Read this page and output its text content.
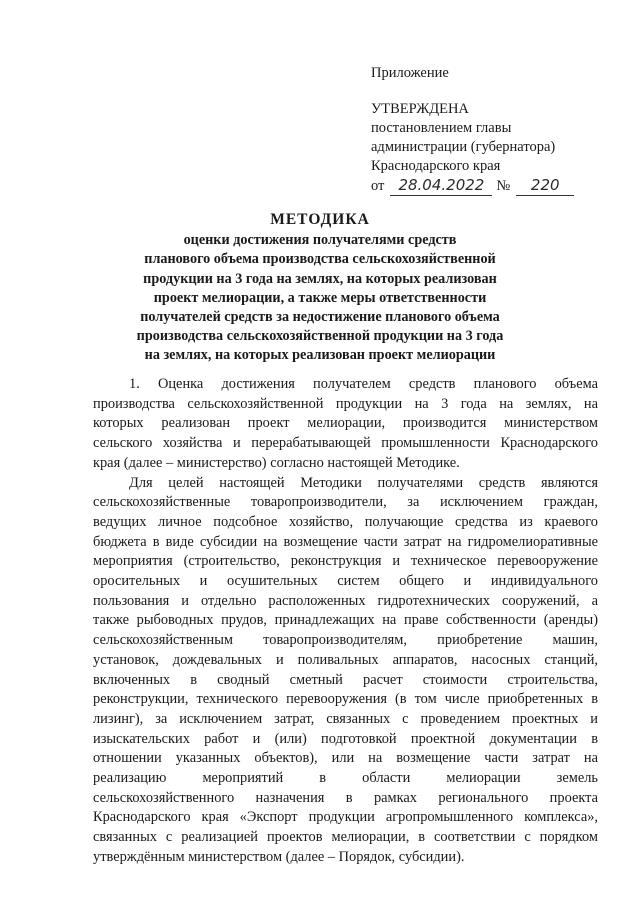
Приложение
УТВЕРЖДЕНА
постановлением главы
администрации (губернатора)
Краснодарского края
от 28.04.2022 №	220
МЕТОДИКА
оценки достижения получателями средств
планового объема производства сельскохозяйственной
продукции на 3 года на землях, на которых реализован
проект мелиорации, а также меры ответственности
получателей средств за недостижение планового объема
производства сельскохозяйственной продукции на 3 года
на землях, на которых реализован проект мелиорации
1. Оценка достижения получателем средств планового объема
производства сельскохозяйственной продукции на 3 года на землях, на
которых реализован проект мелиорации, производится министерством
сельского хозяйства и перерабатывающей промышленности Краснодарского
края (далее – министерство) согласно настоящей Методике.
Для целей настоящей Методики получателями средств являются
сельскохозяйственные товаропроизводители, за исключением граждан,
ведущих личное подсобное хозяйство, получающие средства из краевого
бюджета в виде субсидии на возмещение части затрат на гидромелиоративные
мероприятия (строительство, реконструкция и техническое перевооружение
оросительных и осушительных систем общего и индивидуального
пользования и отдельно расположенных гидротехнических сооружений, а
также рыбоводных прудов, принадлежащих на праве собственности (аренды)
сельскохозяйственным товаропроизводителям, приобретение машин,
установок, дождевальных и поливальных аппаратов, насосных станций,
включенных в сводный сметный расчет стоимости строительства,
реконструкции, технического перевооружения (в том числе приобретенных в
лизинг), за исключением затрат, связанных с проведением проектных и
изыскательских работ и (или) подготовкой проектной документации в
отношении указанных объектов), или на возмещение части затрат на
реализацию мероприятий в области мелиорации земель
сельскохозяйственного назначения в рамках регионального проекта
Краснодарского края «Экспорт продукции агропромышленного комплекса»,
связанных с реализацией проектов мелиорации, в соответствии с порядком
утверждённым министерством (далее – Порядок, субсидии).
